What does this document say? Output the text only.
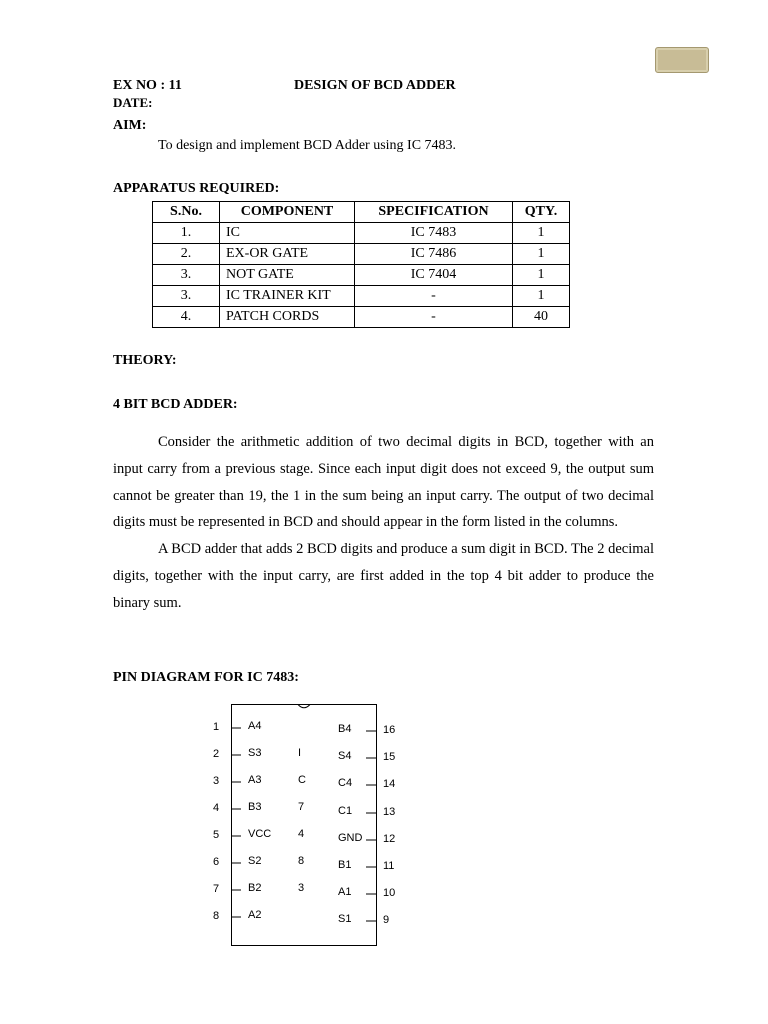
EX NO : 11	DESIGN OF BCD ADDER
DATE:
AIM:
To design and implement BCD Adder using IC 7483.
APPARATUS REQUIRED:
S.No.	COMPONENT	SPECIFICATION	QTY.
1.	IC	IC 7483	1
2.	EX-OR GATE	IC 7486	1
3.	NOT GATE	IC 7404	1
3.	IC TRAINER KIT	-	1
4.	PATCH CORDS	-	40
THEORY:
4 BIT BCD ADDER:

Consider the arithmetic addition of two decimal digits in BCD, together with an input carry from a previous stage. Since each input digit does not exceed 9, the output sum cannot be greater than 19, the 1 in the sum being an input carry. The output of two decimal digits must be represented in BCD and should appear in the form listed in the columns.

A BCD adder that adds 2 BCD digits and produce a sum digit in BCD. The 2 decimal digits, together with the input carry, are first added in the top 4 bit adder to produce the binary sum.

PIN DIAGRAM FOR IC 7483:
1	A4
2	S3
3	A3
4	B3
5	VCC
6	S2
7	B2
8	A2
I
C
7
4
8
3
B4	16
S4	15
C4	14
C1	13
GND 12
B1	11
A1	10
S1	9
